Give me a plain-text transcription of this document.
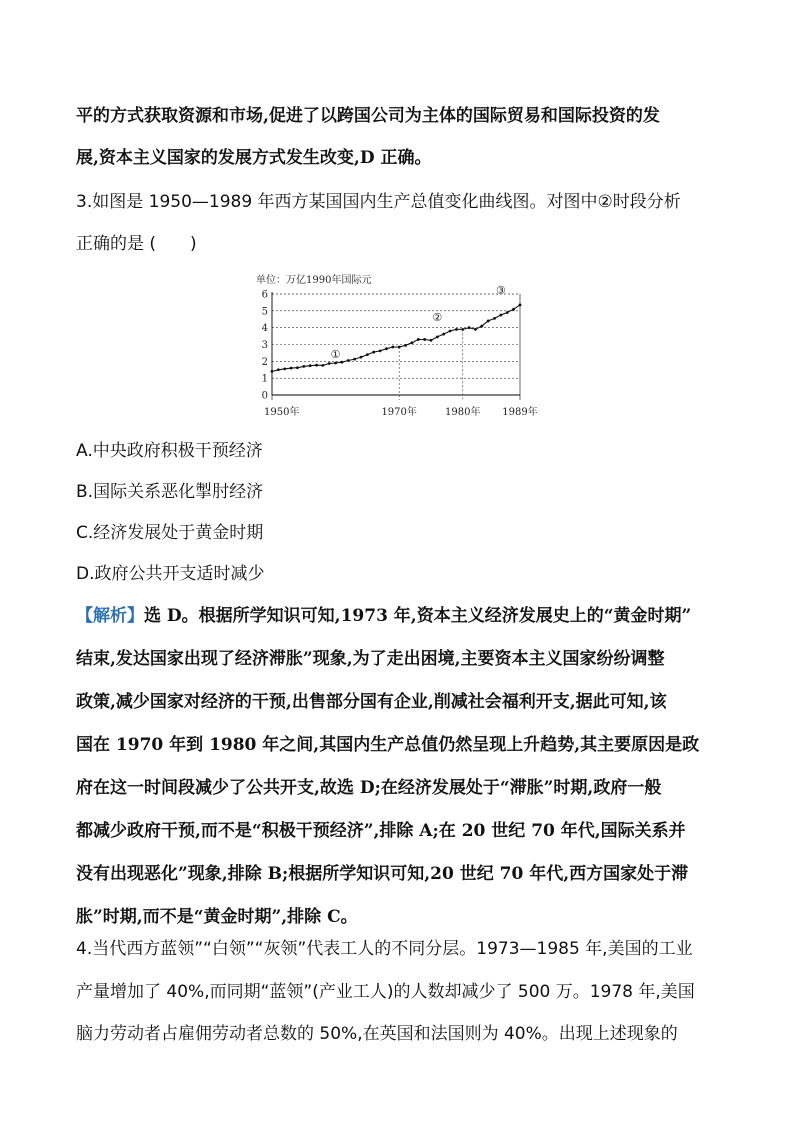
平的方式获取资源和市场,促进了以跨国公司为主体的国际贸易和国际投资的发
展,资本主义国家的发展方式发生改变,D 正确。
3.如图是 1950—1989 年西方某国国内生产总值变化曲线图。对图中②时段分析
正确的是 (　　)
单位：万亿1990年国际元
0
1
2
3
4
5
6
1950年	1970年	1980年 1989年
①
②
③
A.中央政府积极干预经济
B.国际关系恶化掣肘经济
C.经济发展处于黄金时期
D.政府公共开支适时减少
【解析】选 D。根据所学知识可知,1973 年,资本主义经济发展史上的“黄金时期”
结束,发达国家出现了经济滞胀”现象,为了走出困境,主要资本主义国家纷纷调整
政策,减少国家对经济的干预,出售部分国有企业,削减社会福利开支,据此可知,该
国在 1970 年到 1980 年之间,其国内生产总值仍然呈现上升趋势,其主要原因是政
府在这一时间段减少了公共开支,故选 D;在经济发展处于“滞胀”时期,政府一般
都减少政府干预,而不是“积极干预经济”,排除 A;在 20 世纪 70 年代,国际关系并
没有出现恶化”现象,排除 B;根据所学知识可知,20 世纪 70 年代,西方国家处于滞
胀”时期,而不是“黄金时期”,排除 C。
4.当代西方蓝领”“白领”“灰领”代表工人的不同分层。1973—1985 年,美国的工业
产量增加了 40%,而同期“蓝领”(产业工人)的人数却减少了 500 万。1978 年,美国
脑力劳动者占雇佣劳动者总数的 50%,在英国和法国则为 40%。出现上述现象的
